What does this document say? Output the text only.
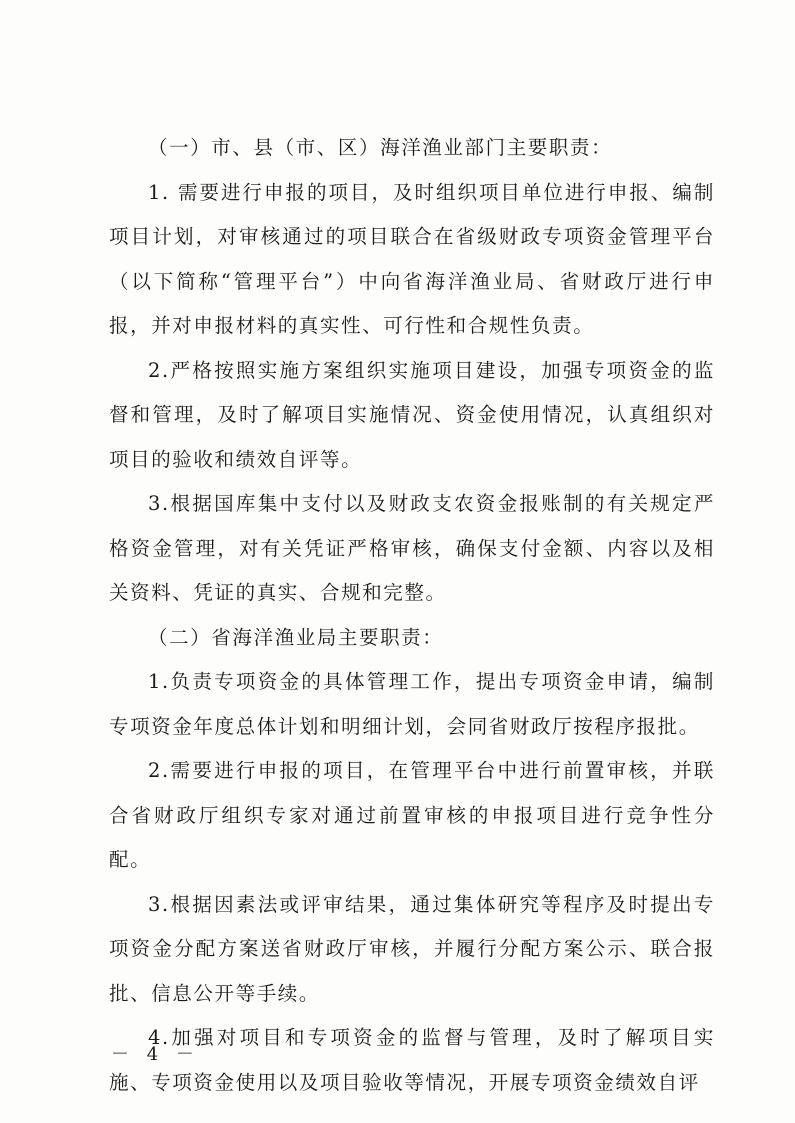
（一）市、县（市、区）海洋渔业部门主要职责：

1. 需要进行申报的项目，及时组织项目单位进行申报、编制项目计划，对审核通过的项目联合在省级财政专项资金管理平台（以下简称“管理平台”）中向省海洋渔业局、省财政厅进行申报，并对申报材料的真实性、可行性和合规性负责。

2.严格按照实施方案组织实施项目建设，加强专项资金的监督和管理，及时了解项目实施情况、资金使用情况，认真组织对项目的验收和绩效自评等。

3.根据国库集中支付以及财政支农资金报账制的有关规定严格资金管理，对有关凭证严格审核，确保支付金额、内容以及相关资料、凭证的真实、合规和完整。

（二）省海洋渔业局主要职责：

1.负责专项资金的具体管理工作，提出专项资金申请，编制专项资金年度总体计划和明细计划，会同省财政厅按程序报批。

2.需要进行申报的项目，在管理平台中进行前置审核，并联合省财政厅组织专家对通过前置审核的申报项目进行竞争性分配。

3.根据因素法或评审结果，通过集体研究等程序及时提出专项资金分配方案送省财政厅审核，并履行分配方案公示、联合报批、信息公开等手续。

4.加强对项目和专项资金的监督与管理，及时了解项目实施、专项资金使用以及项目验收等情况，开展专项资金绩效自评

－ 4 －
